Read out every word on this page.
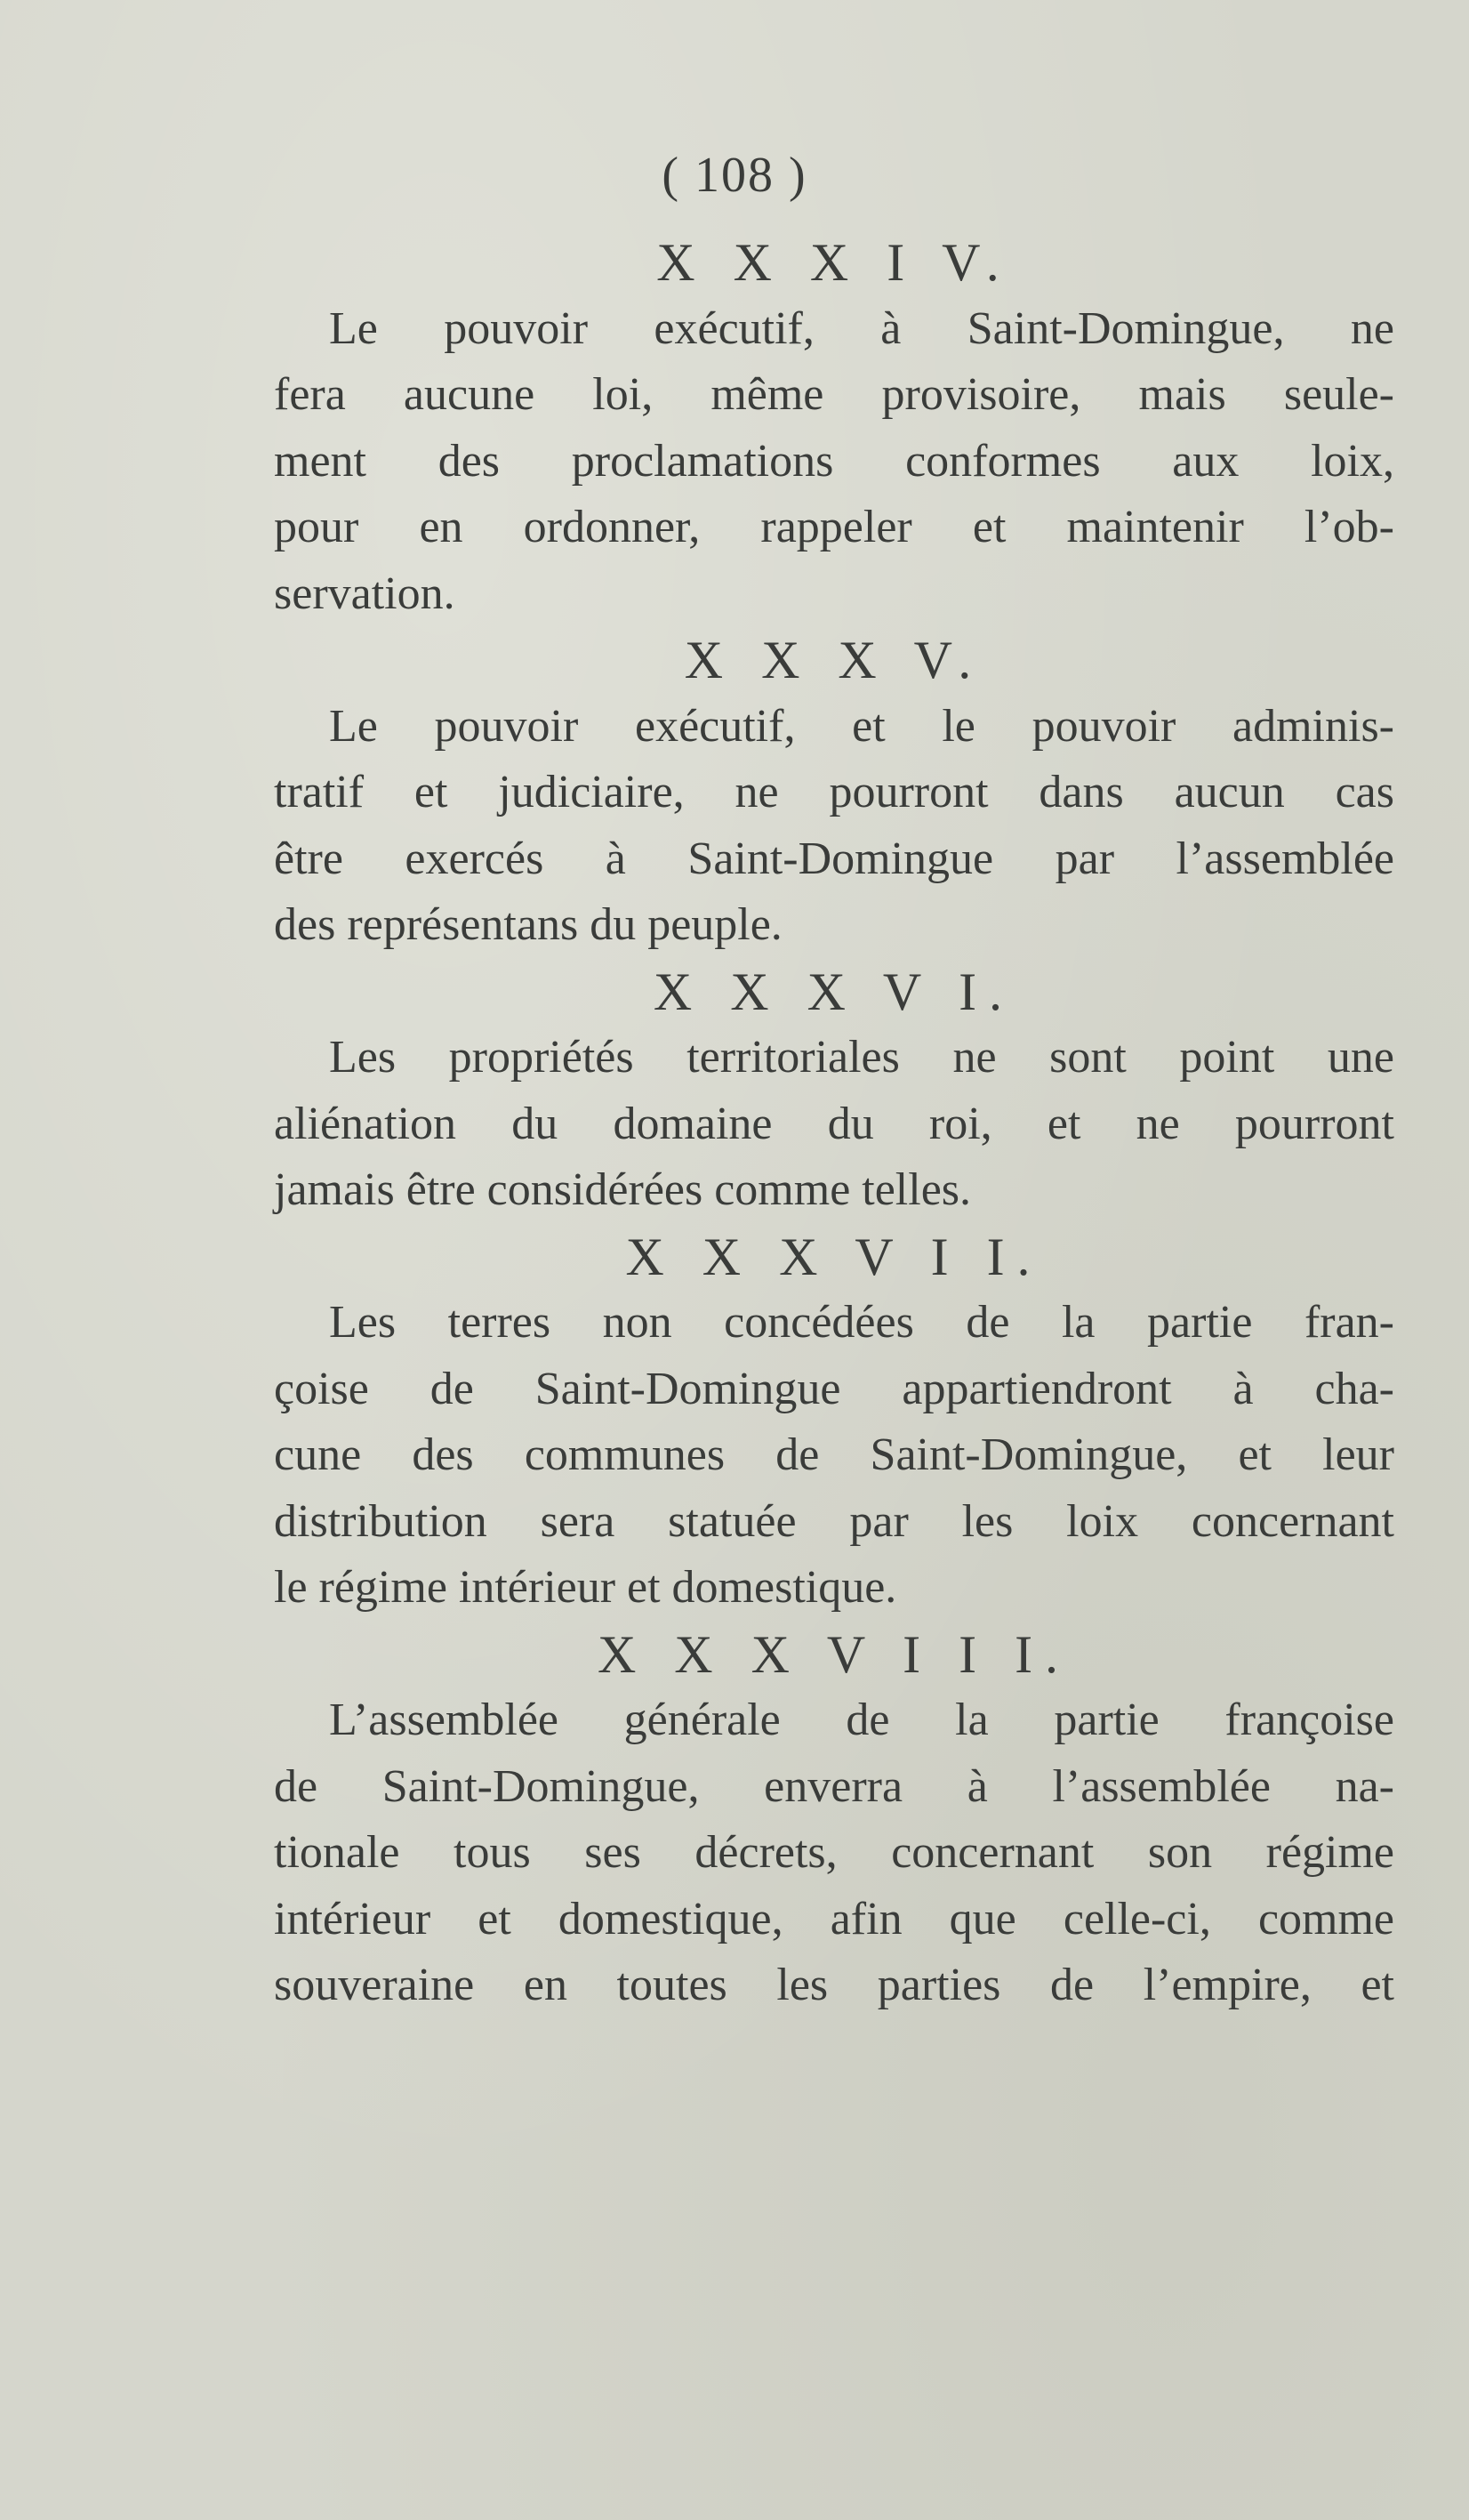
( 108 )

X X X I V.

Le pouvoir exécutif, à Saint-Domingue, ne
fera aucune loi, même provisoire, mais seule-
ment des proclamations conformes aux loix,
pour en ordonner, rappeler et maintenir l’ob-
servation.

X X X V.

Le pouvoir exécutif, et le pouvoir adminis-
tratif et judiciaire, ne pourront dans aucun cas
être exercés à Saint-Domingue par l’assemblée
des représentans du peuple.

X X X V I.

Les propriétés territoriales ne sont point une
aliénation du domaine du roi, et ne pourront
jamais être considérées comme telles.

X X X V I I.

Les terres non concédées de la partie fran-
çoise de Saint-Domingue appartiendront à cha-
cune des communes de Saint-Domingue, et leur
distribution sera statuée par les loix concernant
le régime intérieur et domestique.

X X X V I I I.

L’assemblée générale de la partie françoise
de Saint-Domingue, enverra à l’assemblée na-
tionale tous ses décrets, concernant son régime
intérieur et domestique, afin que celle-ci, comme
souveraine en toutes les parties de l’empire, et
